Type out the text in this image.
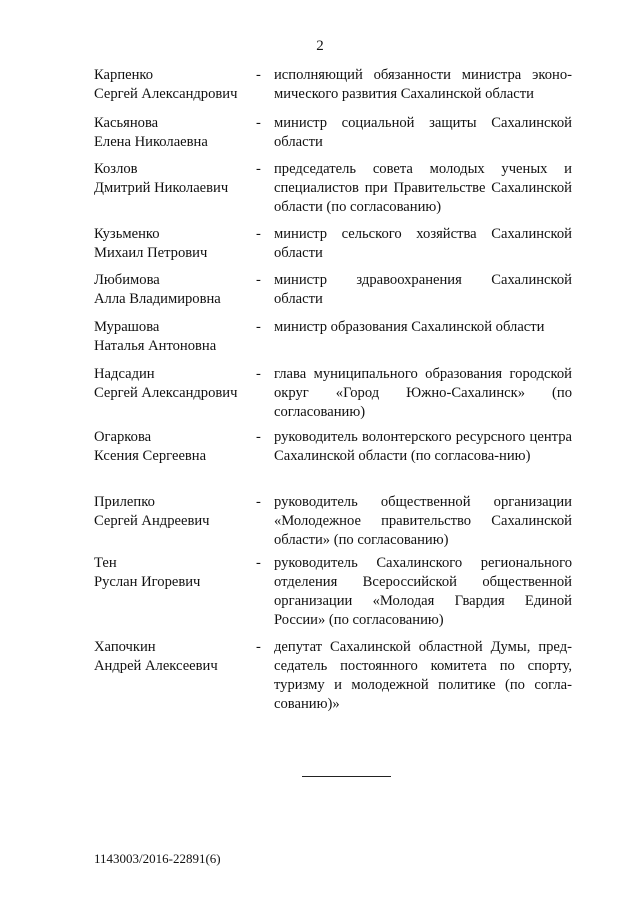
2
Карпенко
Сергей Александрович
- исполняющий обязанности министра эконо-мического развития Сахалинской области
Касьянова
Елена Николаевна
- министр социальной защиты Сахалинской области
Козлов
Дмитрий Николаевич
- председатель совета молодых ученых и специалистов при Правительстве Сахалинской области (по согласованию)
Кузьменко
Михаил Петрович
- министр сельского хозяйства Сахалинской области
Любимова
Алла Владимировна
- министр здравоохранения Сахалинской области
Мурашова
Наталья Антоновна
- министр образования Сахалинской области
Надсадин
Сергей Александрович
- глава муниципального образования городской округ «Город Южно-Сахалинск» (по согласованию)
Огаркова
Ксения Сергеевна
- руководитель волонтерского ресурсного центра Сахалинской области (по согласова-нию)
Прилепко
Сергей Андреевич
- руководитель общественной организации «Молодежное правительство Сахалинской области» (по согласованию)
Тен
Руслан Игоревич
- руководитель Сахалинского регионального отделения Всероссийской общественной организации «Молодая Гвардия Единой России» (по согласованию)
Хапочкин
Андрей Алексеевич
- депутат Сахалинской областной Думы, пред-седатель постоянного комитета по спорту, туризму и молодежной политике (по согла-сованию)»
1143003/2016-22891(6)
